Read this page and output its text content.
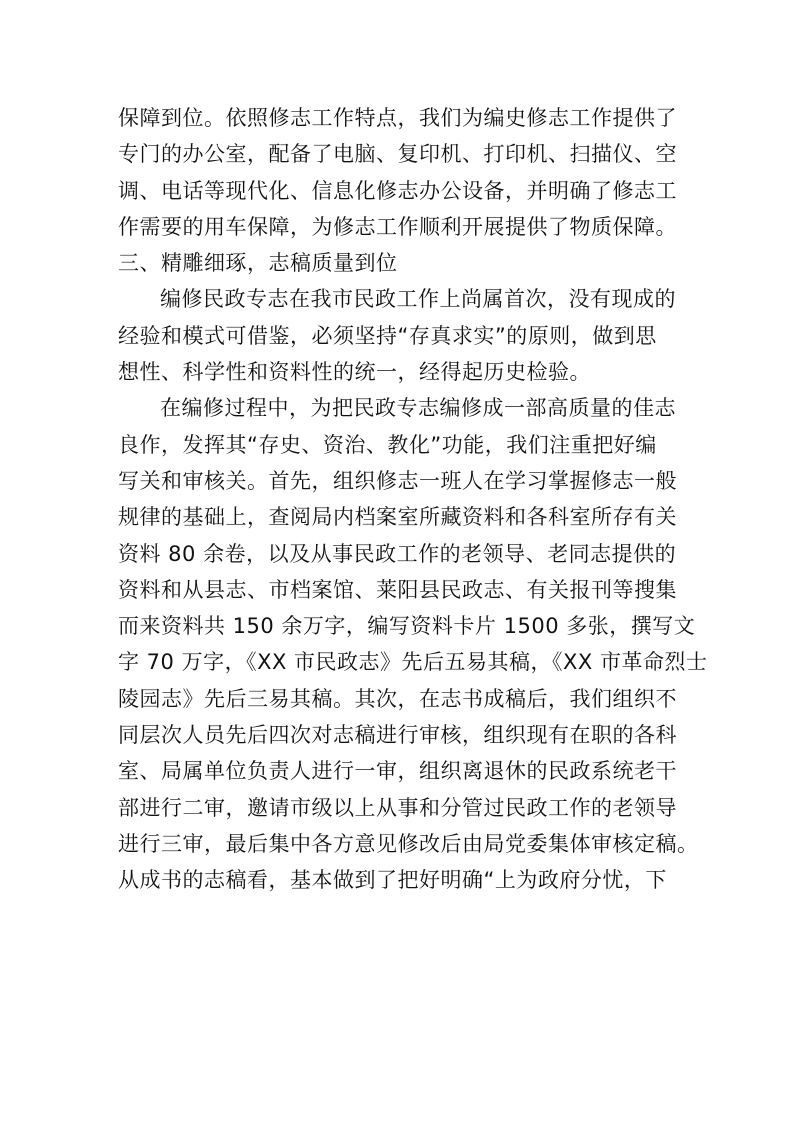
保障到位。依照修志工作特点，我们为编史修志工作提供了
专门的办公室，配备了电脑、复印机、打印机、扫描仪、空
调、电话等现代化、信息化修志办公设备，并明确了修志工
作需要的用车保障，为修志工作顺利开展提供了物质保障。
三、精雕细琢，志稿质量到位
编修民政专志在我市民政工作上尚属首次，没有现成的
经验和模式可借鉴，必须坚持“存真求实”的原则，做到思
想性、科学性和资料性的统一，经得起历史检验。
在编修过程中，为把民政专志编修成一部高质量的佳志
良作，发挥其“存史、资治、教化”功能，我们注重把好编
写关和审核关。首先，组织修志一班人在学习掌握修志一般
规律的基础上，查阅局内档案室所藏资料和各科室所存有关
资料 80 余卷，以及从事民政工作的老领导、老同志提供的
资料和从县志、市档案馆、莱阳县民政志、有关报刊等搜集
而来资料共 150 余万字，编写资料卡片 1500 多张，撰写文
字 70 万字，《XX 市民政志》先后五易其稿，《XX 市革命烈士
陵园志》先后三易其稿。其次，在志书成稿后，我们组织不
同层次人员先后四次对志稿进行审核，组织现有在职的各科
室、局属单位负责人进行一审，组织离退休的民政系统老干
部进行二审，邀请市级以上从事和分管过民政工作的老领导
进行三审，最后集中各方意见修改后由局党委集体审核定稿。
从成书的志稿看，基本做到了把好明确“上为政府分忧，下
